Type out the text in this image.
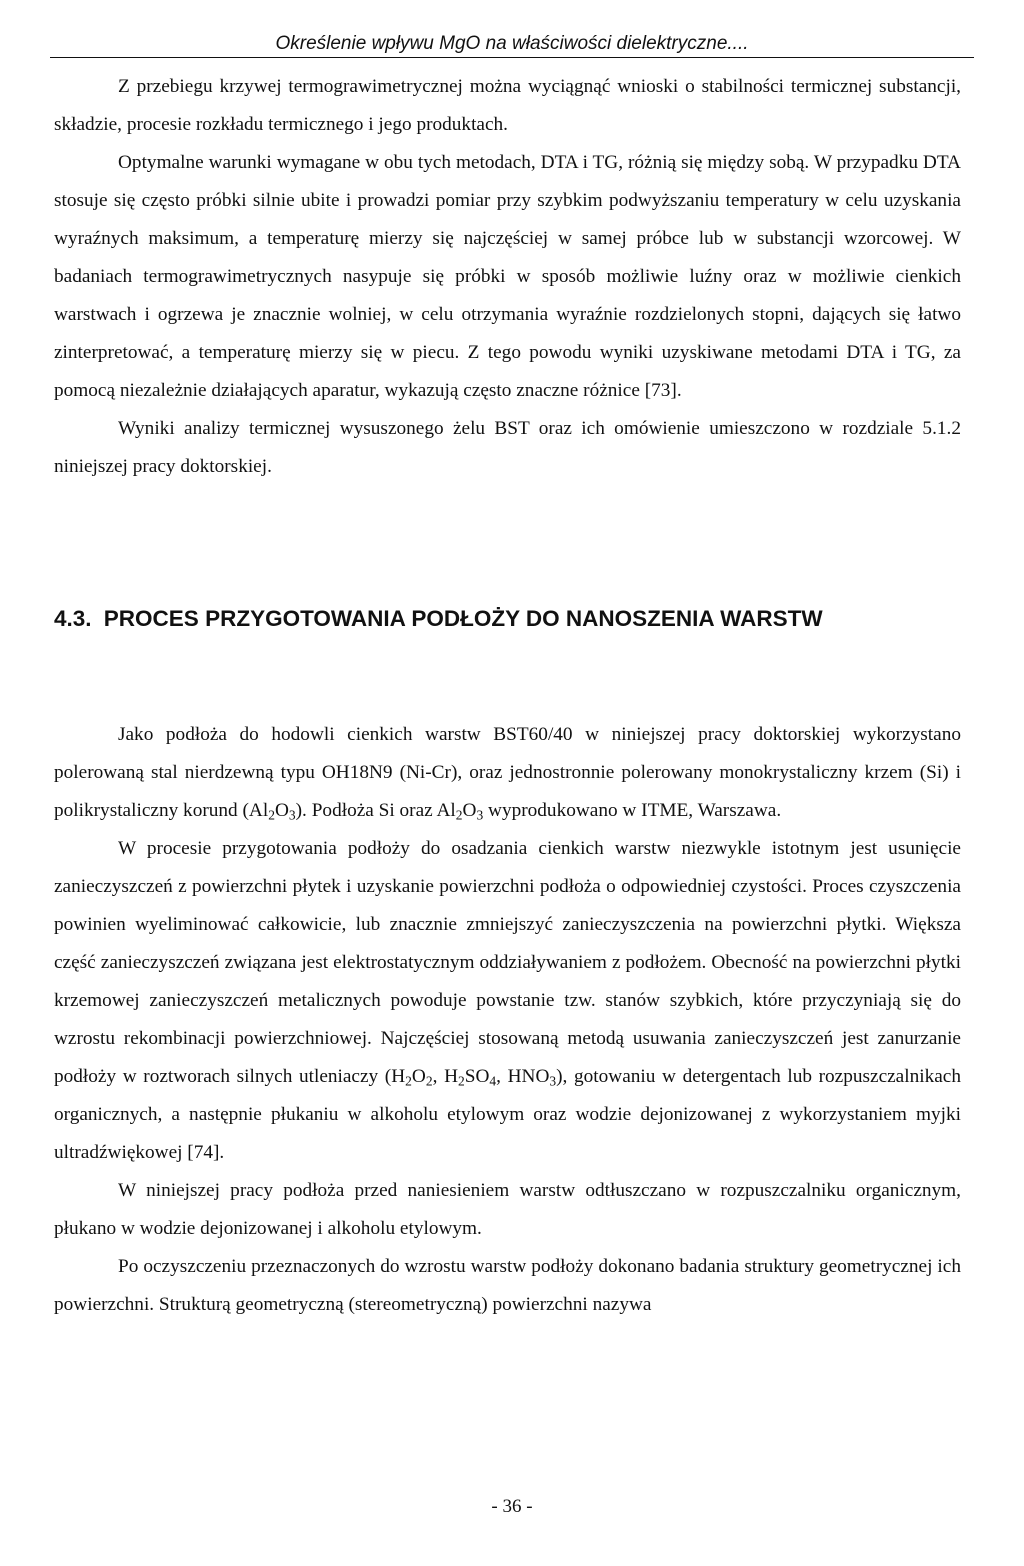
Określenie wpływu MgO na właściwości dielektryczne....

Z przebiegu krzywej termograwimetrycznej można wyciągnąć wnioski o stabilności termicznej substancji, składzie, procesie rozkładu termicznego i jego produktach.

Optymalne warunki wymagane w obu tych metodach, DTA i TG, różnią się między sobą. W przypadku DTA stosuje się często próbki silnie ubite i prowadzi pomiar przy szybkim podwyższaniu temperatury w celu uzyskania wyraźnych maksimum, a temperaturę mierzy się najczęściej w samej próbce lub w substancji wzorcowej. W badaniach termograwimetrycznych nasypuje się próbki w sposób możliwie luźny oraz w możliwie cienkich warstwach i ogrzewa je znacznie wolniej, w celu otrzymania wyraźnie rozdzielonych stopni, dających się łatwo zinterpretować, a temperaturę mierzy się w piecu. Z tego powodu wyniki uzyskiwane metodami DTA i TG, za pomocą niezależnie działających aparatur, wykazują często znaczne różnice [73].

Wyniki analizy termicznej wysuszonego żelu BST oraz ich omówienie umieszczono w rozdziale 5.1.2 niniejszej pracy doktorskiej.

4.3. PROCES PRZYGOTOWANIA PODŁOŻY DO NANOSZENIA WARSTW

Jako podłoża do hodowli cienkich warstw BST60/40 w niniejszej pracy doktorskiej wykorzystano polerowaną stal nierdzewną typu OH18N9 (Ni-Cr), oraz jednostronnie polerowany monokrystaliczny krzem (Si) i polikrystaliczny korund $(Al_2O_3)$. Podłoża Si oraz $Al_2O_3$ wyprodukowano w ITME, Warszawa.

W procesie przygotowania podłoży do osadzania cienkich warstw niezwykle istotnym jest usunięcie zanieczyszczeń z powierzchni płytek i uzyskanie powierzchni podłoża o odpowiedniej czystości. Proces czyszczenia powinien wyeliminować całkowicie, lub znacznie zmniejszyć zanieczyszczenia na powierzchni płytki. Większa część zanieczyszczeń związana jest elektrostatycznym oddziaływaniem z podłożem. Obecność na powierzchni płytki krzemowej zanieczyszczeń metalicznych powoduje powstanie tzw. stanów szybkich, które przyczyniają się do wzrostu rekombinacji powierzchniowej. Najczęściej stosowaną metodą usuwania zanieczyszczeń jest zanurzanie podłoży w roztworach silnych utleniaczy ($H_2O_2$, $H_2SO_4$, $HNO_3$), gotowaniu w detergentach lub rozpuszczalnikach organicznych, a następnie płukaniu w alkoholu etylowym oraz wodzie dejonizowanej z wykorzystaniem myjki ultradźwiękowej [74].

W niniejszej pracy podłoża przed naniesieniem warstw odtłuszczano w rozpuszczalniku organicznym, płukano w wodzie dejonizowanej i alkoholu etylowym.

Po oczyszczeniu przeznaczonych do wzrostu warstw podłoży dokonano badania struktury geometrycznej ich powierzchni. Strukturą geometryczną (stereometryczną) powierzchni nazywa

- 36 -
